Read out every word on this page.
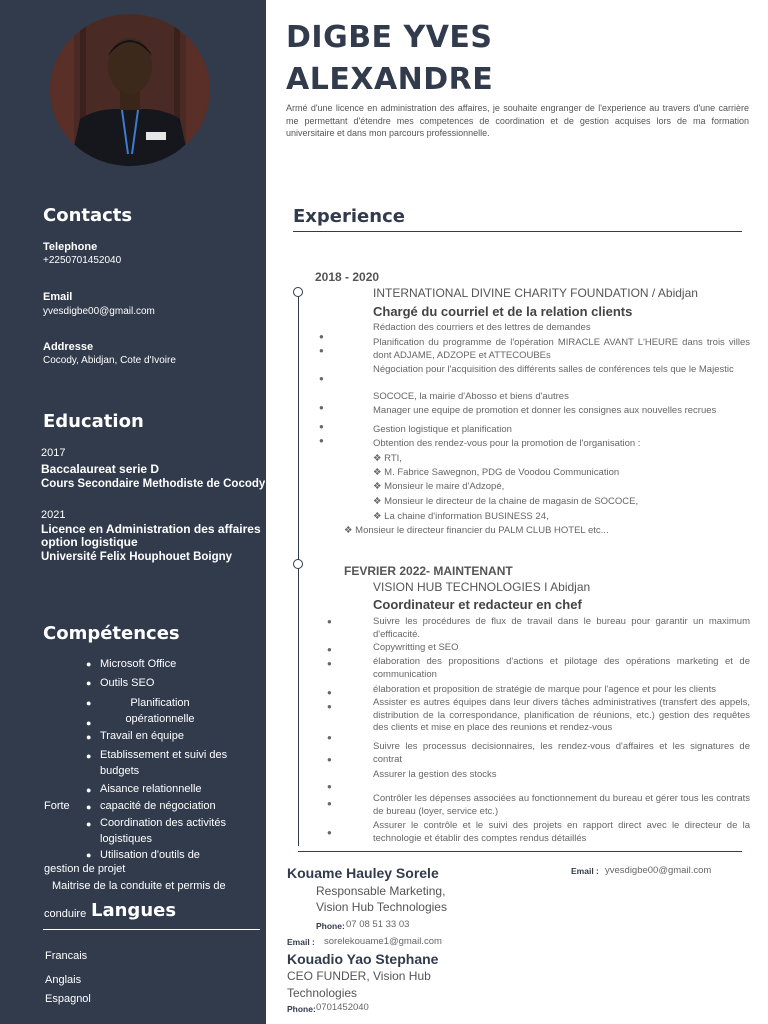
Contacts
Telephone
+2250701452040
Email
yvesdigbe00@gmail.com
Addresse
Cocody, Abidjan, Cote d'Ivoire
Education
2017
Baccalaureat serie D
Cours Secondaire Methodiste de Cocody
2021
Licence en Administration des affaires option logistique
Université Felix Houphouet Boigny
Compétences
● Microsoft Office
● Outils SEO
●	Planification opérationnelle
●
● Travail en équipe
● Etablissement et suivi des budgets
● Aisance relationnelle
Forte ● capacité de négociation
● Coordination des activités logistiques
● Utilisation d'outils de
gestion de projet
Maitrise de la conduite et permis de
conduire Langues
Francais
Anglais
Espagnol
DIGBE YVES
ALEXANDRE
Armé d'une licence en administration des affaires, je souhaite engranger de l'experience au travers d'une carrière me permettant d'étendre mes competences de coordination et de gestion acquises lors de ma formation universitaire et dans mon parcours professionnelle.
Experience
2018 - 2020
INTERNATIONAL DIVINE CHARITY FOUNDATION / Abidjan
Chargé du courriel et de la relation clients
Rédaction des courriers et des lettres de demandes
●
●
Planification du programme de l'opération MIRACLE AVANT L'HEURE dans trois villes dont ADJAME, ADZOPE et ATTECOUBEs
●
Négociation pour l'acquisition des différents salles de conférences tels que le Majestic
SOCOCE, la mairie d'Abosso et biens d'autres
●	Manager une equipe de promotion et donner les consignes aux nouvelles recrues
●	Gestion logistique et planification
●	Obtention des rendez-vous pour la promotion de l'organisation :
❖ RTI,
❖ M. Fabrice Sawegnon, PDG de Voodou Communication
❖ Monsieur le maire d'Adzopé,
❖ Monsieur le directeur de la chaine de magasin de SOCOCE,
❖ La chaine d'information BUSINESS 24,
❖ Monsieur le directeur financier du PALM CLUB HOTEL etc...
FEVRIER 2022- MAINTENANT
VISION HUB TECHNOLOGIES I Abidjan
Coordinateur et redacteur en chef
●	Suivre les procédures de flux de travail dans le bureau pour garantir un maximum d'efficacité.
●	Copywritting et SEO
●	élaboration des propositions d'actions et pilotage des opérations marketing et de communication
●	élaboration et proposition de stratégie de marque pour l'agence et pour les clients
●	Assister es autres équipes dans leur divers tâches administratives (transfert des appels, distribution de la correspondance, planification de réunions, etc.) gestion des requêtes des clients et mise en place des reunions et rendez-vous
●
●
Suivre les processus decisionnaires, les rendez-vous d'affaires et les signatures de contrat
Assurer la gestion des stocks
●
●	Contrôler les dépenses associées au fonctionnement du bureau et gérer tous les contrats de bureau (loyer, service etc.)
●
Assurer le contrôle et le suivi des projets en rapport direct avec le directeur de la technologie et établir des comptes rendus détaillés
Kouame Hauley Sorele	Email : yvesdigbe00@gmail.com
Responsable Marketing,
Vision Hub Technologies
Phone: 07 08 51 33 03
Email : sorelekouame1@gmail.com
Kouadio Yao Stephane
CEO FUNDER, Vision Hub
Technologies
Phone: 0701452040
